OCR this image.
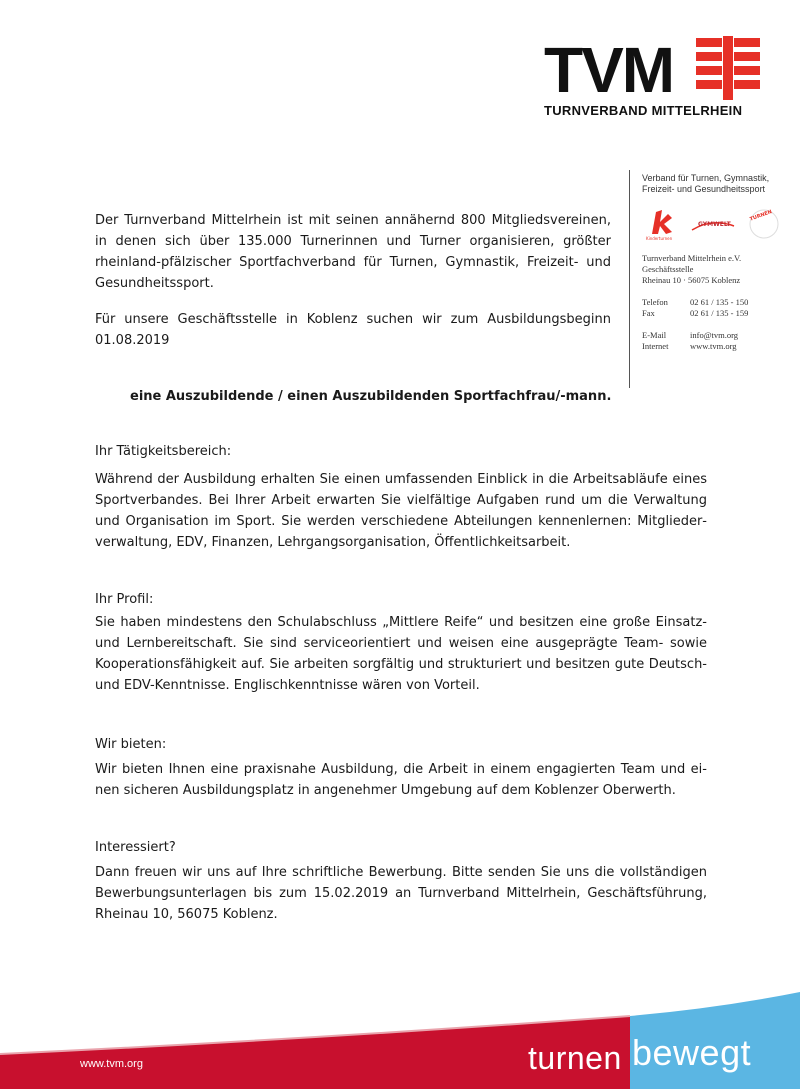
TVM
TURNVERBAND MITTELRHEIN
Verband für Turnen, Gymnastik,
Freizeit- und Gesundheitssport
Kinderturnen
GYMWELT
TURNEN
Turnverband Mittelrhein e.V.
Geschäftsstelle
Rheinau 10 · 56075 Koblenz
Telefon	02 61 / 135 - 150
Fax	02 61 / 135 - 159
E-Mail	info@tvm.org
Internet	www.tvm.org
Der Turnverband Mittelrhein ist mit seinen annähernd 800 Mitgliedsvereinen, in denen sich über 135.000 Turnerinnen und Turner organisieren, größter rheinland-pfälzischer Sportfachverband für Turnen, Gymnastik, Freizeit- und Gesundheitssport.
Für unsere Geschäftsstelle in Koblenz suchen wir zum Ausbildungsbeginn 01.08.2019
eine Auszubildende / einen Auszubildenden Sportfachfrau/-mann.
Ihr Tätigkeitsbereich:
Während der Ausbildung erhalten Sie einen umfassenden Einblick in die Arbeitsabläufe eines Sportverbandes. Bei Ihrer Arbeit erwarten Sie vielfältige Aufgaben rund um die Verwaltung und Organisation im Sport. Sie werden verschiedene Abteilungen kennenlernen: Mitgliederverwaltung, EDV, Finanzen, Lehrgangsorganisation, Öffentlichkeitsarbeit.
Ihr Profil:
Sie haben mindestens den Schulabschluss „Mittlere Reife“ und besitzen eine große Einsatz- und Lernbereitschaft. Sie sind serviceorientiert und weisen eine ausgeprägte Team- sowie Kooperationsfähigkeit auf. Sie arbeiten sorgfältig und strukturiert und besitzen gute Deutsch- und EDV-Kenntnisse. Englischkenntnisse wären von Vorteil.
Wir bieten:
Wir bieten Ihnen eine praxisnahe Ausbildung, die Arbeit in einem engagierten Team und einen sicheren Ausbildungsplatz in angenehmer Umgebung auf dem Koblenzer Oberwerth.
Interessiert?
Dann freuen wir uns auf Ihre schriftliche Bewerbung. Bitte senden Sie uns die vollständigen Bewerbungsunterlagen bis zum 15.02.2019 an Turnverband Mittelrhein, Geschäftsführung, Rheinau 10, 56075 Koblenz.
www.tvm.org	turnen bewegt
